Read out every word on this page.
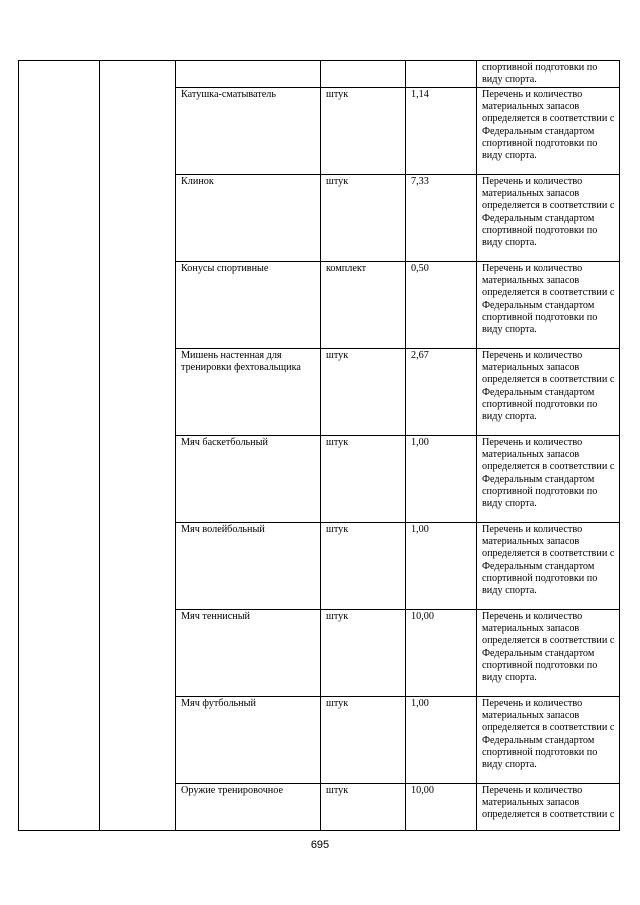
					спортивной подготовки по виду спорта.
		Катушка-сматыватель	штук	1,14	Перечень и количество материальных запасов определяется в соответствии с Федеральным стандартом спортивной подготовки по виду спорта.
		Клинок	штук	7,33	Перечень и количество материальных запасов определяется в соответствии с Федеральным стандартом спортивной подготовки по виду спорта.
		Конусы спортивные	комплект	0,50	Перечень и количество материальных запасов определяется в соответствии с Федеральным стандартом спортивной подготовки по виду спорта.
		Мишень настенная для тренировки фехтовальщика	штук	2,67	Перечень и количество материальных запасов определяется в соответствии с Федеральным стандартом спортивной подготовки по виду спорта.
		Мяч баскетбольный	штук	1,00	Перечень и количество материальных запасов определяется в соответствии с Федеральным стандартом спортивной подготовки по виду спорта.
		Мяч волейбольный	штук	1,00	Перечень и количество материальных запасов определяется в соответствии с Федеральным стандартом спортивной подготовки по виду спорта.
		Мяч теннисный	штук	10,00	Перечень и количество материальных запасов определяется в соответствии с Федеральным стандартом спортивной подготовки по виду спорта.
		Мяч футбольный	штук	1,00	Перечень и количество материальных запасов определяется в соответствии с Федеральным стандартом спортивной подготовки по виду спорта.
		Оружие тренировочное	штук	10,00	Перечень и количество материальных запасов определяется в соответствии с
695
